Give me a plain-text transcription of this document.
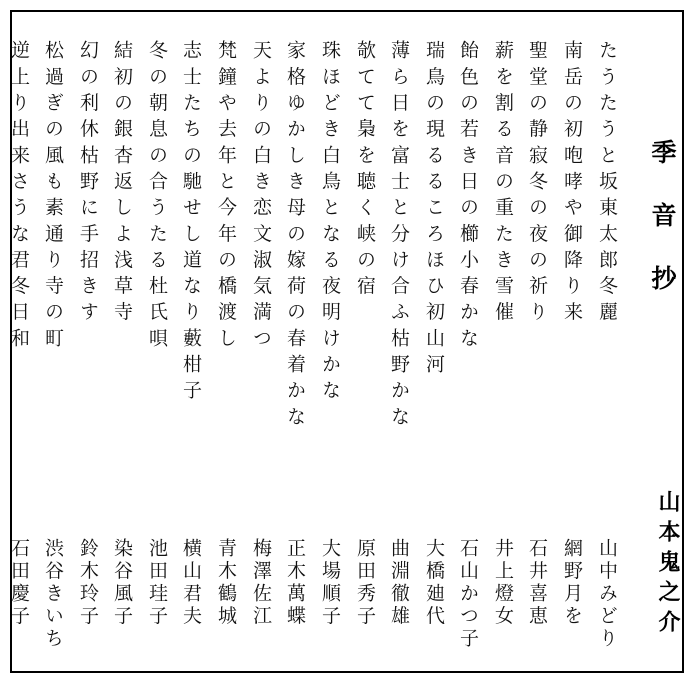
季音抄
山本鬼之介
たうたうと坂東太郎冬麗
山中みどり
南岳の初咆哮や御降り来
網野月を
聖堂の静寂冬の夜の祈り
石井喜恵
薪を割る音の重たき雪催
井上燈女
飴色の若き日の櫛小春かな
石山かつ子
瑞鳥の現るるころほひ初山河
大橋廸代
薄ら日を富士と分け合ふ枯野かな
曲淵徹雄
欹てて梟を聴く峡の宿
原田秀子
珠ほどき白鳥となる夜明けかな
大場順子
家格ゆかしき母の嫁荷の春着かな
正木萬蝶
天よりの白き恋文淑気満つ
梅澤佐江
梵鐘や去年と今年の橋渡し
青木鶴城
志士たちの馳せし道なり藪柑子
横山君夫
冬の朝息の合うたる杜氏唄
池田珪子
結初の銀杏返しよ浅草寺
染谷風子
幻の利休枯野に手招きす
鈴木玲子
松過ぎの風も素通り寺の町
渋谷きいち
逆上り出来さうな君冬日和
石田慶子
